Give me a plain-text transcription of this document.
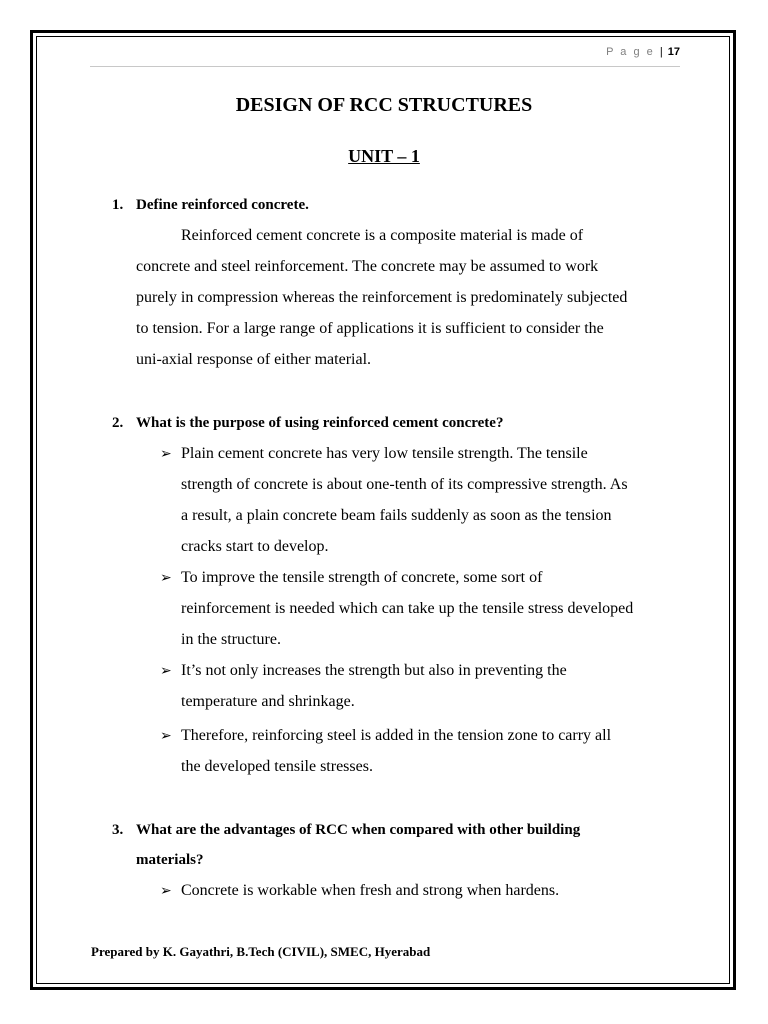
P a g e | 17
DESIGN OF RCC STRUCTURES
UNIT – 1
1. Define reinforced concrete.
Reinforced cement concrete is a composite material is made of
concrete and steel reinforcement. The concrete may be assumed to work
purely in compression whereas the reinforcement is predominately subjected
to tension. For a large range of applications it is sufficient to consider the
uni-axial response of either material.
2. What is the purpose of using reinforced cement concrete?
➢ Plain cement concrete has very low tensile strength. The tensile
strength of concrete is about one-tenth of its compressive strength. As
a result, a plain concrete beam fails suddenly as soon as the tension
cracks start to develop.
➢ To improve the tensile strength of concrete, some sort of
reinforcement is needed which can take up the tensile stress developed
in the structure.
➢ It’s not only increases the strength but also in preventing the
temperature and shrinkage.
➢ Therefore, reinforcing steel is added in the tension zone to carry all
the developed tensile stresses.
3. What are the advantages of RCC when compared with other building
materials?
➢ Concrete is workable when fresh and strong when hardens.
Prepared by K. Gayathri, B.Tech (CIVIL), SMEC, Hyerabad
